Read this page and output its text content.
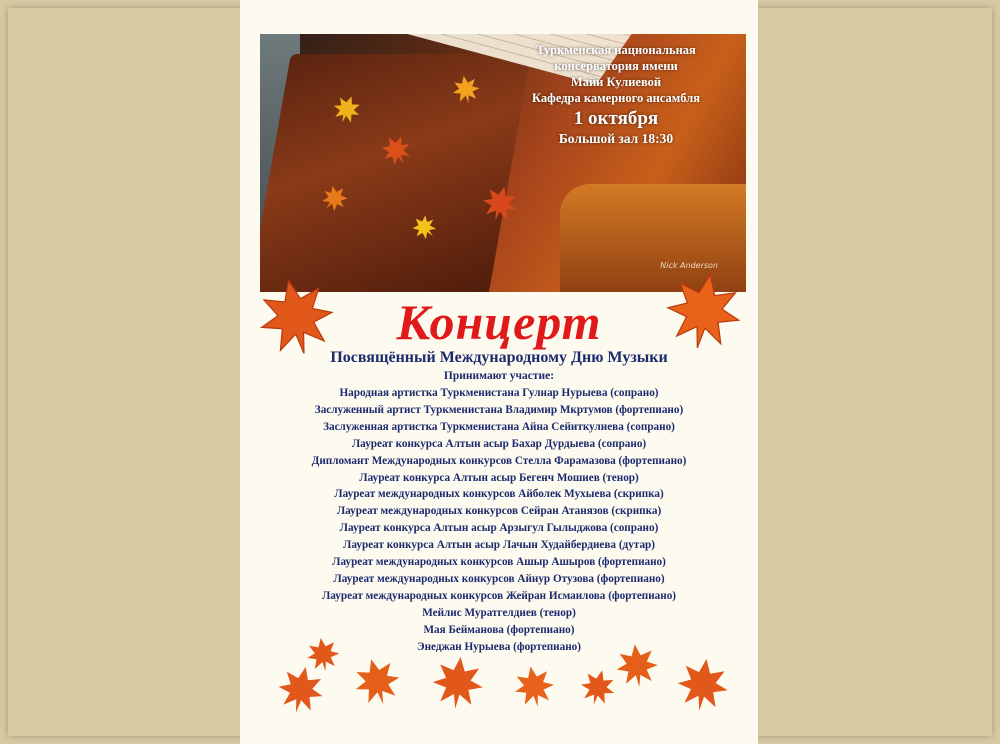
Туркменская национальная
консерватория имени
Майи Кулиевой
Кафедра камерного ансамбля
1 октября
Большой зал 18:30
Nick Anderson
Концерт
Посвящённый Международному Дню Музыки
Принимают участие:
Народная артистка Туркменистана Гулнар Нурыева (сопрано)
Заслуженный артист Туркменистана Владимир Мкртумов (фортепиано)
Заслуженная артистка Туркменистана Айна Сейиткулиева (сопрано)
Лауреат конкурса Алтын асыр Бахар Дурдыева (сопрано)
Дипломант Международных конкурсов Стелла Фарамазова (фортепиано)
Лауреат конкурса Алтын асыр Бегенч Мошиев (тенор)
Лауреат международных конкурсов Айболек Мухыева (скрипка)
Лауреат международных конкурсов Сейран Атанязов (скрипка)
Лауреат конкурса Алтын асыр Арзыгул Гылыджова (сопрано)
Лауреат конкурса Алтын асыр Лачын Худайбердиева (дутар)
Лауреат международных конкурсов Ашыр Ашыров (фортепиано)
Лауреат международных конкурсов Айнур Отузова (фортепиано)
Лауреат международных конкурсов Жейран Исмаилова (фортепиано)
Мейлис Муратгелдиев (тенор)
Мая Бейманова (фортепиано)
Энеджан Нурыева (фортепиано)
